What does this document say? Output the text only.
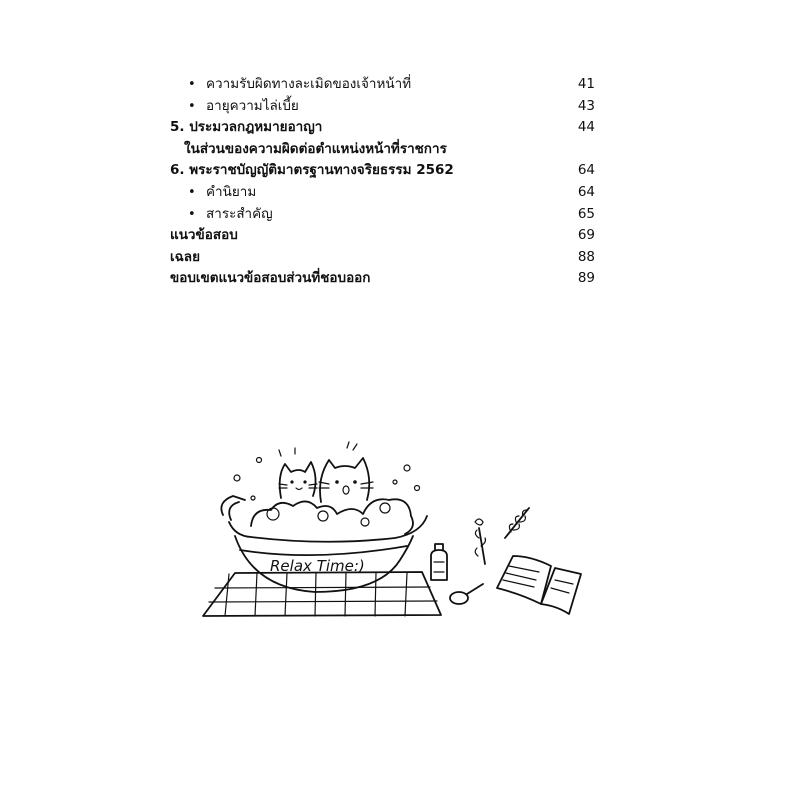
• ความรับผิดทางละเมิดของเจ้าหน้าที่	41
• อายุความไล่เบี้ย	43
5. ประมวลกฎหมายอาญา	44
ในส่วนของความผิดต่อตำแหน่งหน้าที่ราชการ
6. พระราชบัญญัติมาตรฐานทางจริยธรรม 2562	64
• คำนิยาม	64
• สาระสำคัญ	65
แนวข้อสอบ	69
เฉลย	88
ขอบเขตแนวข้อสอบส่วนที่ชอบออก	89
Relax Time:)
